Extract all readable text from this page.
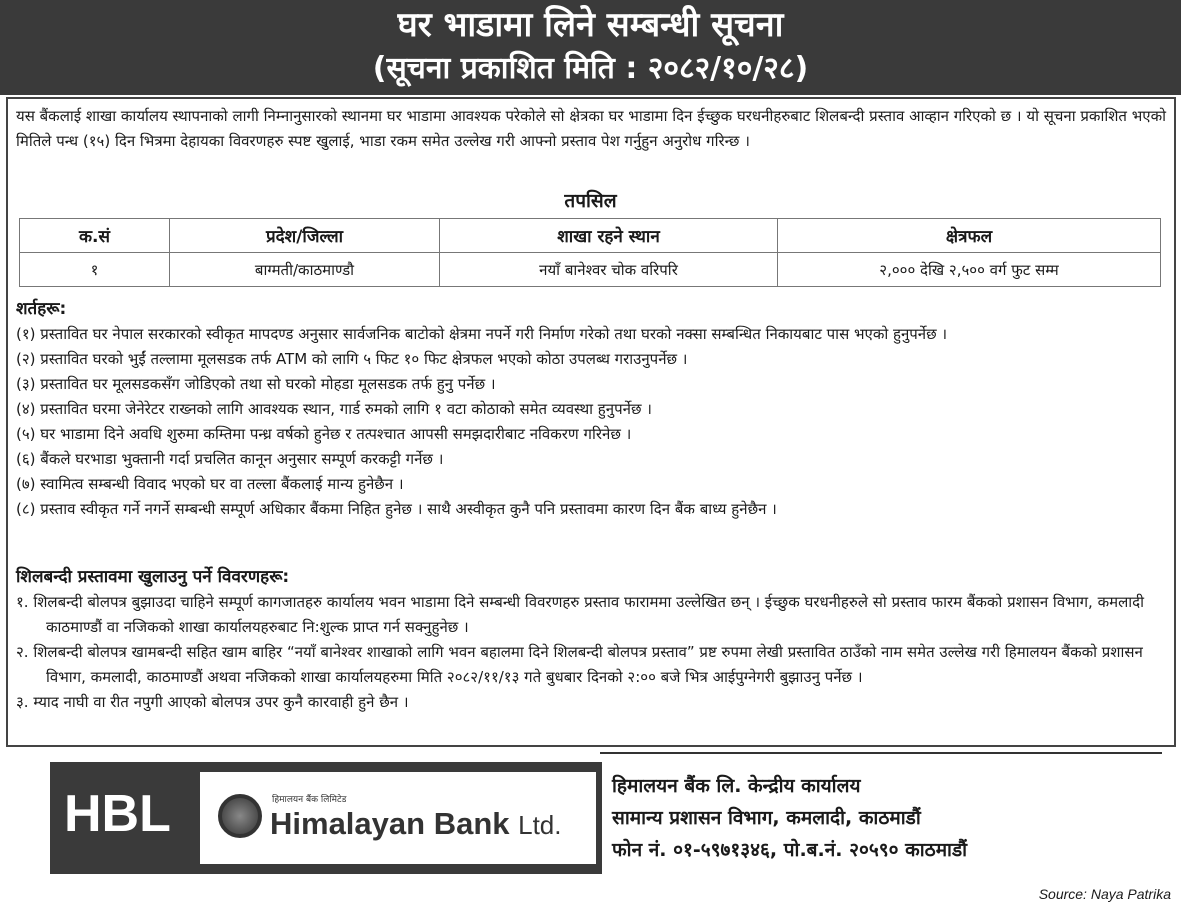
घर भाडामा लिने सम्बन्धी सूचना
(सूचना प्रकाशित मिति : २०८२/१०/२८)

यस बैंकलाई शाखा कार्यालय स्थापनाको लागी निम्नानुसारको स्थानमा घर भाडामा आवश्यक परेकोले सो क्षेत्रका घर भाडामा दिन ईच्छुक घरधनीहरुबाट शिलबन्दी प्रस्ताव आव्हान गरिएको छ । यो सूचना प्रकाशित भएको मितिले पन्ध (१५) दिन भित्रमा देहायका विवरणहरु स्पष्ट खुलाई, भाडा रकम समेत उल्लेख गरी आफ्नो प्रस्ताव पेश गर्नुहुन अनुरोध गरिन्छ ।

तपसिल
क.सं	प्रदेश/जिल्ला	शाखा रहने स्थान	क्षेत्रफल
१	बाग्मती/काठमाण्डौ	नयाँ बानेश्वर चोक वरिपरि	२,००० देखि २,५०० वर्ग फुट सम्म
शर्तहरू:
(१) प्रस्तावित घर नेपाल सरकारको स्वीकृत मापदण्ड अनुसार सार्वजनिक बाटोको क्षेत्रमा नपर्ने गरी निर्माण गरेको तथा घरको नक्सा सम्बन्धित निकायबाट पास भएको हुनुपर्नेछ ।
(२) प्रस्तावित घरको भुईं तल्लामा मूलसडक तर्फ ATM को लागि ५ फिट १० फिट क्षेत्रफल भएको कोठा उपलब्ध गराउनुपर्नेछ ।
(३) प्रस्तावित घर मूलसडकसँग जोडिएको तथा सो घरको मोहडा मूलसडक तर्फ हुनु पर्नेछ ।
(४) प्रस्तावित घरमा जेनेरेटर राख्नको लागि आवश्यक स्थान, गार्ड रुमको लागि १ वटा कोठाको समेत व्यवस्था हुनुपर्नेछ ।
(५) घर भाडामा दिने अवधि शुरुमा कम्तिमा पन्ध्र वर्षको हुनेछ र तत्पश्चात आपसी समझदारीबाट नविकरण गरिनेछ ।
(६) बैंकले घरभाडा भुक्तानी गर्दा प्रचलित कानून अनुसार सम्पूर्ण करकट्टी गर्नेछ ।
(७) स्वामित्व सम्बन्धी विवाद भएको घर वा तल्ला बैंकलाई मान्य हुनेछैन ।
(८) प्रस्ताव स्वीकृत गर्ने नगर्ने सम्बन्धी सम्पूर्ण अधिकार बैंकमा निहित हुनेछ । साथै अस्वीकृत कुनै पनि प्रस्तावमा कारण दिन बैंक बाध्य हुनेछैन ।
शिलबन्दी प्रस्तावमा खुलाउनु पर्ने विवरणहरू:
१. शिलबन्दी बोलपत्र बुझाउदा चाहिने सम्पूर्ण कागजातहरु कार्यालय भवन भाडामा दिने सम्बन्धी विवरणहरु प्रस्ताव फाराममा उल्लेखित छन् । ईच्छुक घरधनीहरुले सो प्रस्ताव फारम बैंकको प्रशासन विभाग, कमलादी काठमाण्डौं वा नजिकको शाखा कार्यालयहरुबाट नि:शुल्क प्राप्त गर्न सक्नुहुनेछ ।
२. शिलबन्दी बोलपत्र खामबन्दी सहित खाम बाहिर “नयाँ बानेश्वर शाखाको लागि भवन बहालमा दिने शिलबन्दी बोलपत्र प्रस्ताव” प्रष्ट रुपमा लेखी प्रस्तावित ठाउँको नाम समेत उल्लेख गरी हिमालयन बैंकको प्रशासन विभाग, कमलादी, काठमाण्डौं अथवा नजिकको शाखा कार्यालयहरुमा मिति २०८२/११/१३ गते बुधबार दिनको २:०० बजे भित्र आईपुग्नेगरी बुझाउनु पर्नेछ ।
३. म्याद नाघी वा रीत नपुगी आएको बोलपत्र उपर कुनै कारवाही हुने छैन ।
HBL	हिमालयन बैंक लिमिटेड
Himalayan Bank Ltd.
हिमालयन बैंक लि. केन्द्रीय कार्यालय
सामान्य प्रशासन विभाग, कमलादी, काठमाडौं
फोन नं. ०१-५९७१३४६, पो.ब.नं. २०५९० काठमाडौं
Source: Naya Patrika
